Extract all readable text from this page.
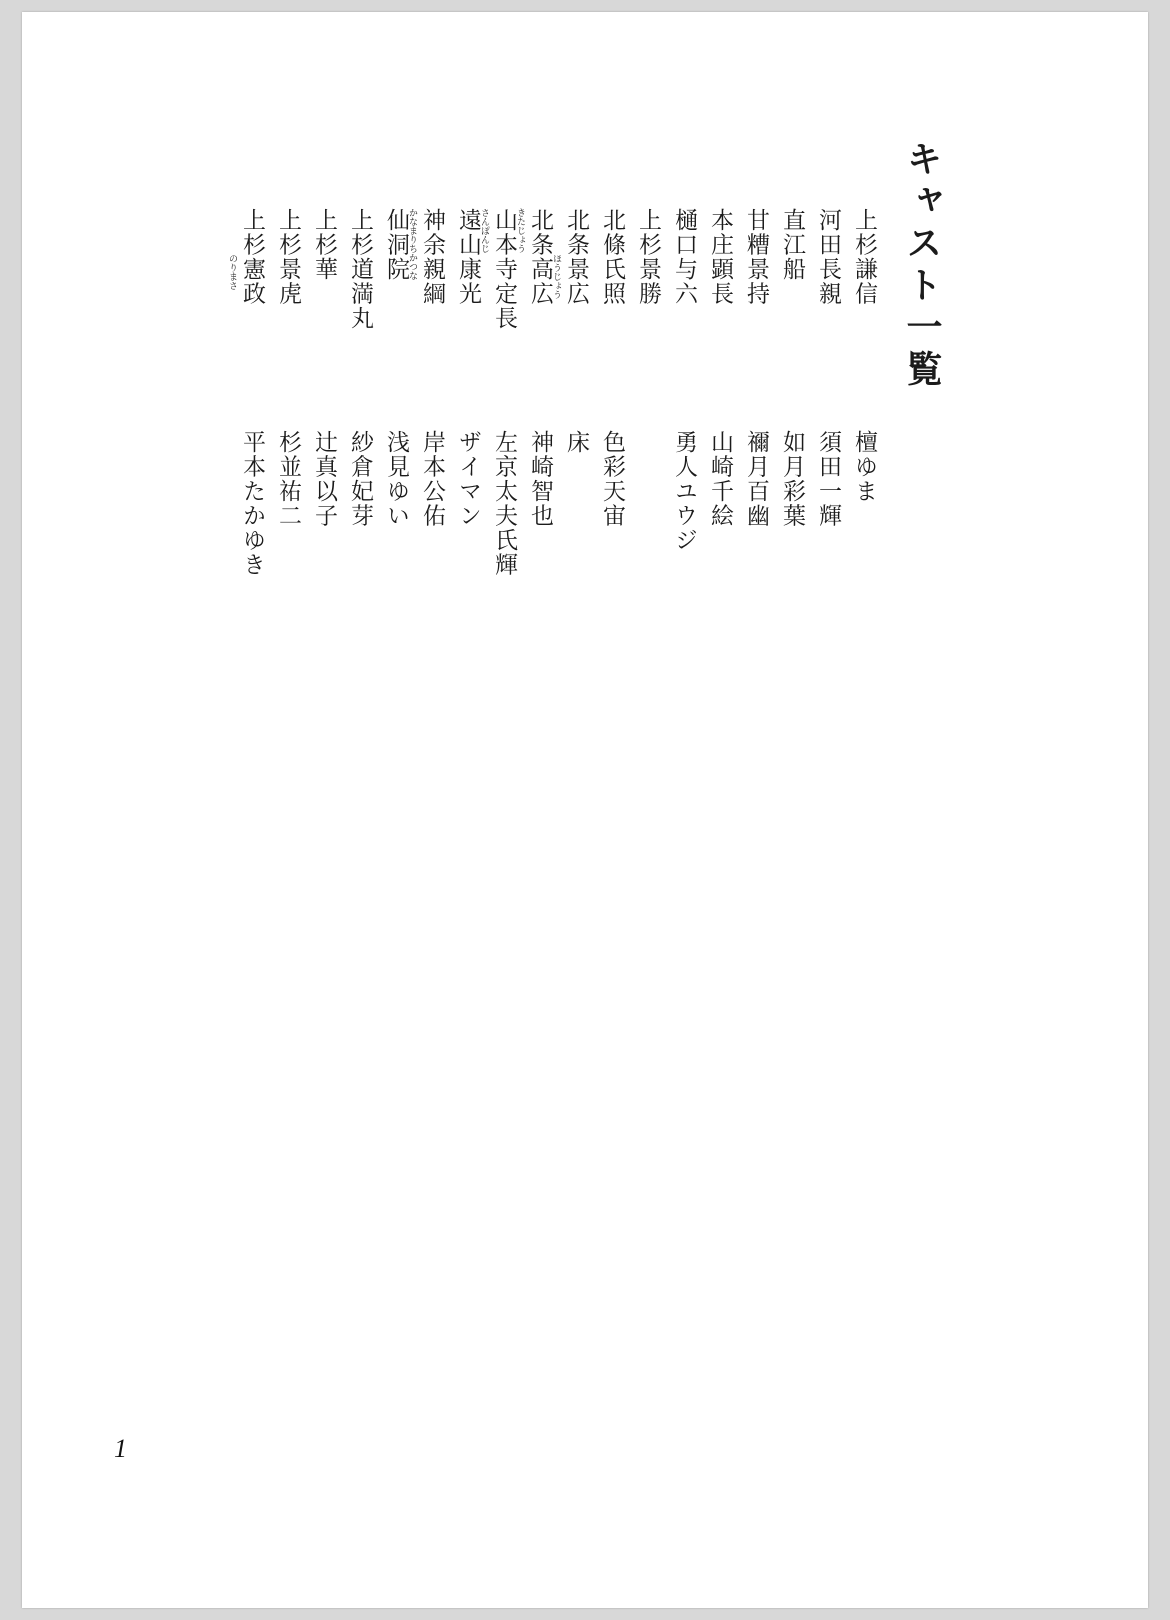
キャスト一覧
上杉憲政
のりまさ
平本たかゆき
上杉景虎
杉並祐二
上杉華
辻真以子
上杉道満丸
紗倉妃芽
仙洞院
浅見ゆい
神余親綱
かなまりちかつな
岸本公佑
遠山康光
ザイマン
山本寺定長
さんぽんじ
左京太夫氏輝
北条高広
きたじょう
神崎智也
北条景広
ほうじょう
床
北條氏照
色彩天宙
上杉景勝 樋口与六
勇人ユウジ
本庄顕長
山崎千絵
甘糟景持
禰月百幽
直江船
如月彩葉
河田長親
須田一輝
上杉謙信
檀ゆま
1
